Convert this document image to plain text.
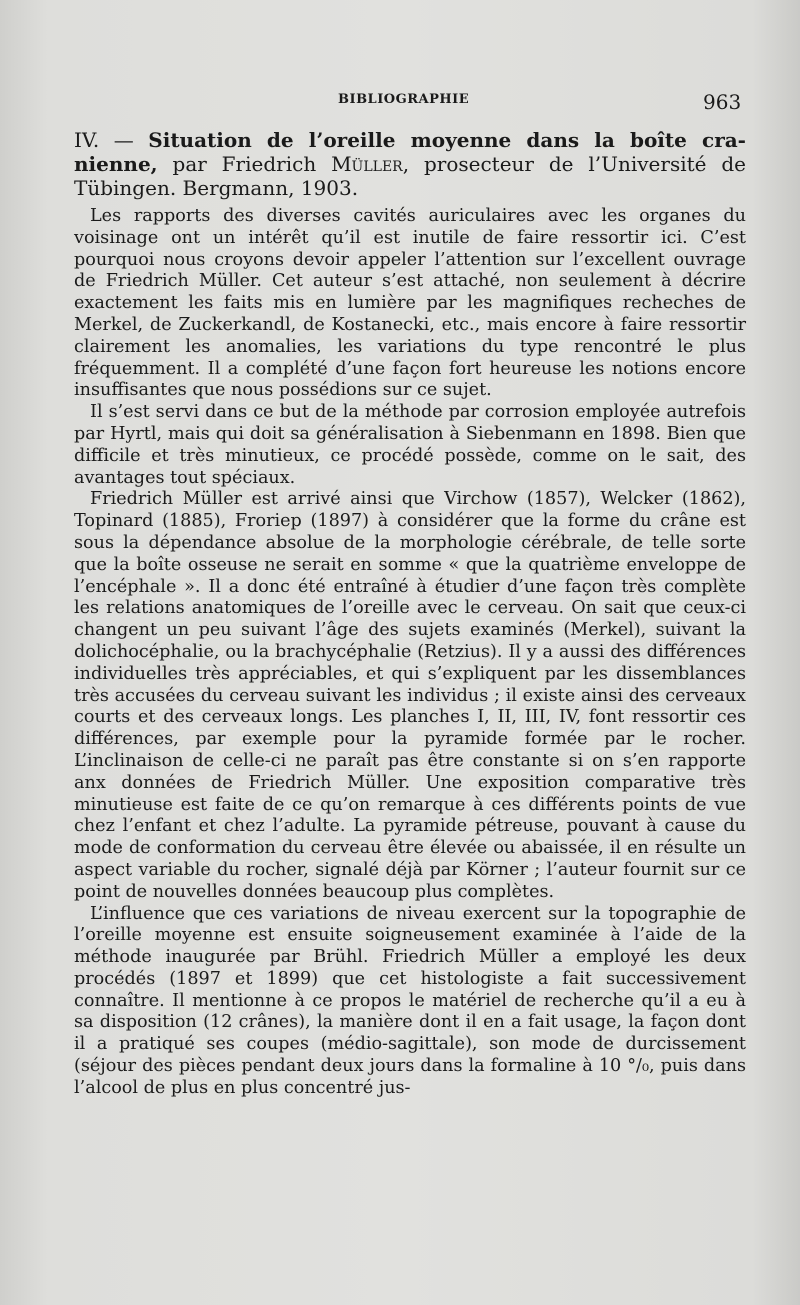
BIBLIOGRAPHIE	963

IV. — Situation de l’oreille moyenne dans la boîte cra-nienne, par Friedrich Müller, prosecteur de l’Université de Tübingen. Bergmann, 1903.

Les rapports des diverses cavités auriculaires avec les organes du voisinage ont un intérêt qu’il est inutile de faire ressortir ici. C’est pourquoi nous croyons devoir appeler l’attention sur l’excellent ouvrage de Friedrich Müller. Cet auteur s’est attaché, non seulement à décrire exactement les faits mis en lumière par les magnifiques recheches de Merkel, de Zuckerkandl, de Kostanecki, etc., mais encore à faire ressortir clairement les anomalies, les variations du type rencontré le plus fréquemment. Il a complété d’une façon fort heureuse les notions encore insuffisantes que nous possédions sur ce sujet.

Il s’est servi dans ce but de la méthode par corrosion employée autrefois par Hyrtl, mais qui doit sa généralisation à Siebenmann en 1898. Bien que difficile et très minutieux, ce procédé possède, comme on le sait, des avantages tout spéciaux.

Friedrich Müller est arrivé ainsi que Virchow (1857), Welcker (1862), Topinard (1885), Froriep (1897) à considérer que la forme du crâne est sous la dépendance absolue de la morphologie cérébrale, de telle sorte que la boîte osseuse ne serait en somme « que la quatrième enveloppe de l’encéphale ». Il a donc été entraîné à étudier d’une façon très complète les relations anatomiques de l’oreille avec le cerveau. On sait que ceux-ci changent un peu suivant l’âge des sujets examinés (Merkel), suivant la dolichocéphalie, ou la brachycéphalie (Retzius). Il y a aussi des différences individuelles très appréciables, et qui s’expliquent par les dissemblances très accusées du cerveau suivant les individus ; il existe ainsi des cerveaux courts et des cerveaux longs. Les planches I, II, III, IV, font ressortir ces différences, par exemple pour la pyramide formée par le rocher. L’inclinaison de celle-ci ne paraît pas être constante si on s’en rapporte anx données de Friedrich Müller. Une exposition comparative très minutieuse est faite de ce qu’on remarque à ces différents points de vue chez l’enfant et chez l’adulte. La pyramide pétreuse, pouvant à cause du mode de conformation du cerveau être élevée ou abaissée, il en résulte un aspect variable du rocher, signalé déjà par Körner ; l’auteur fournit sur ce point de nouvelles données beaucoup plus complètes.

L’influence que ces variations de niveau exercent sur la topographie de l’oreille moyenne est ensuite soigneusement examinée à l’aide de la méthode inaugurée par Brühl. Friedrich Müller a employé les deux procédés (1897 et 1899) que cet histologiste a fait successivement connaître. Il mentionne à ce propos le matériel de recherche qu’il a eu à sa disposition (12 crânes), la manière dont il en a fait usage, la façon dont il a pratiqué ses coupes (médio-sagittale), son mode de durcissement (séjour des pièces pendant deux jours dans la formaline à 10 °/₀, puis dans l’alcool de plus en plus concentré jus-
